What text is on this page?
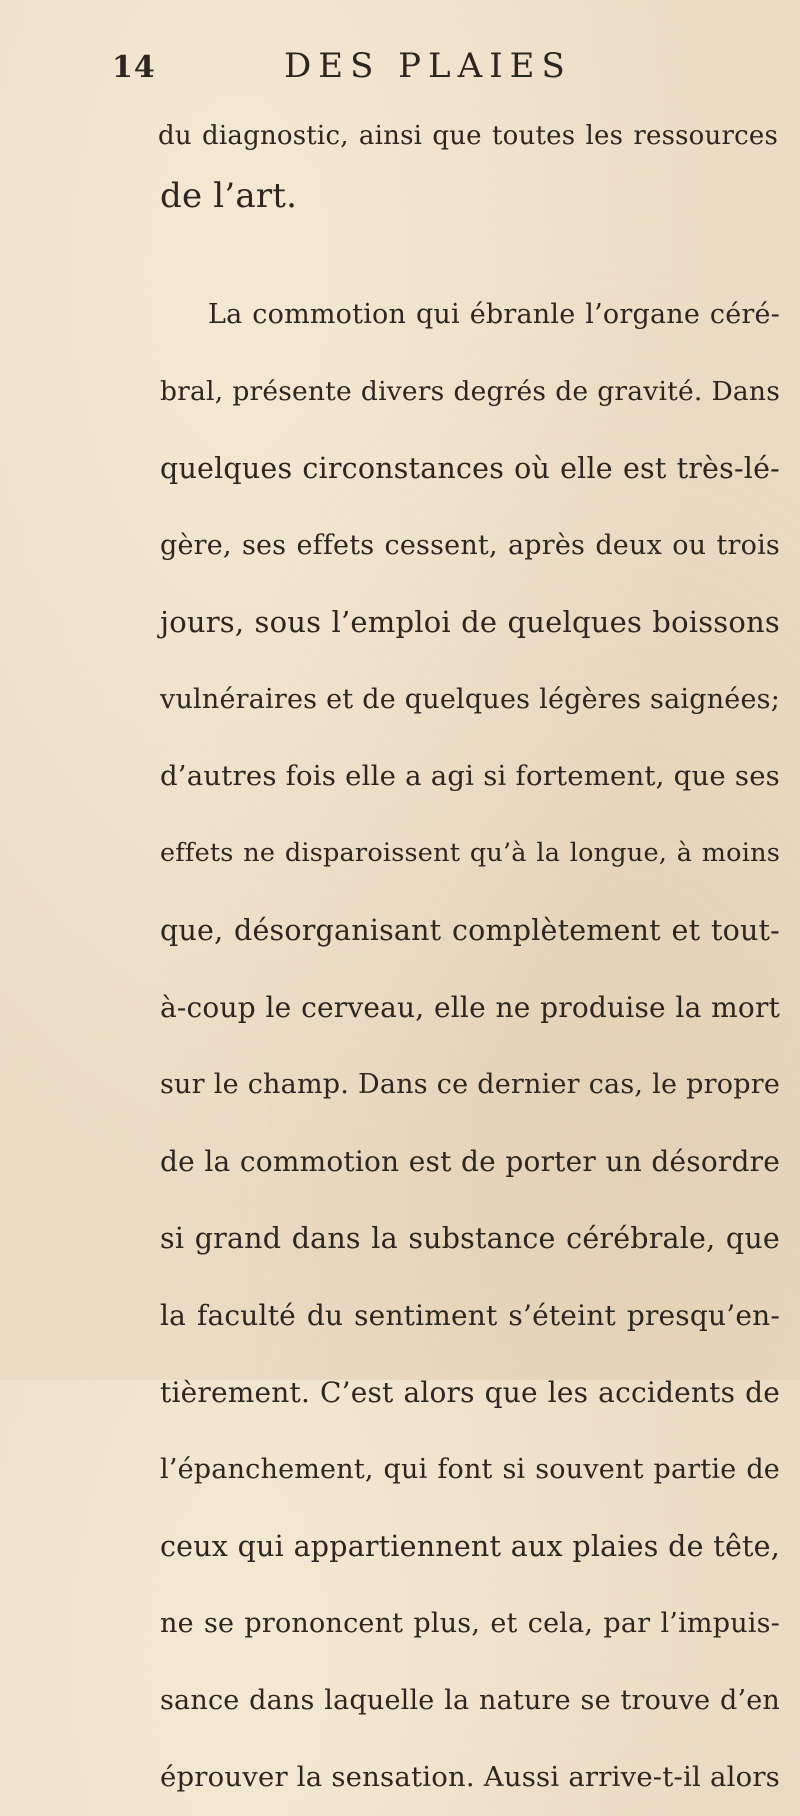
14	DES PLAIES
du diagnostic, ainsi que toutes les ressources
de l’art.
La commotion qui ébranle l’organe céré-
bral, présente divers degrés de gravité. Dans
quelques circonstances où elle est très-lé-
gère, ses effets cessent, après deux ou trois
jours, sous l’emploi de quelques boissons
vulnéraires et de quelques légères saignées;
d’autres fois elle a agi si fortement, que ses
effets ne disparoissent qu’à la longue, à moins
que, désorganisant complètement et tout-
à-coup le cerveau, elle ne produise la mort
sur le champ. Dans ce dernier cas, le propre
de la commotion est de porter un désordre
si grand dans la substance cérébrale, que
la faculté du sentiment s’éteint presqu’en-
tièrement. C’est alors que les accidents de
l’épanchement, qui font si souvent partie de
ceux qui appartiennent aux plaies de tête,
ne se prononcent plus, et cela, par l’impuis-
sance dans laquelle la nature se trouve d’en
éprouver la sensation. Aussi arrive-t-il alors
